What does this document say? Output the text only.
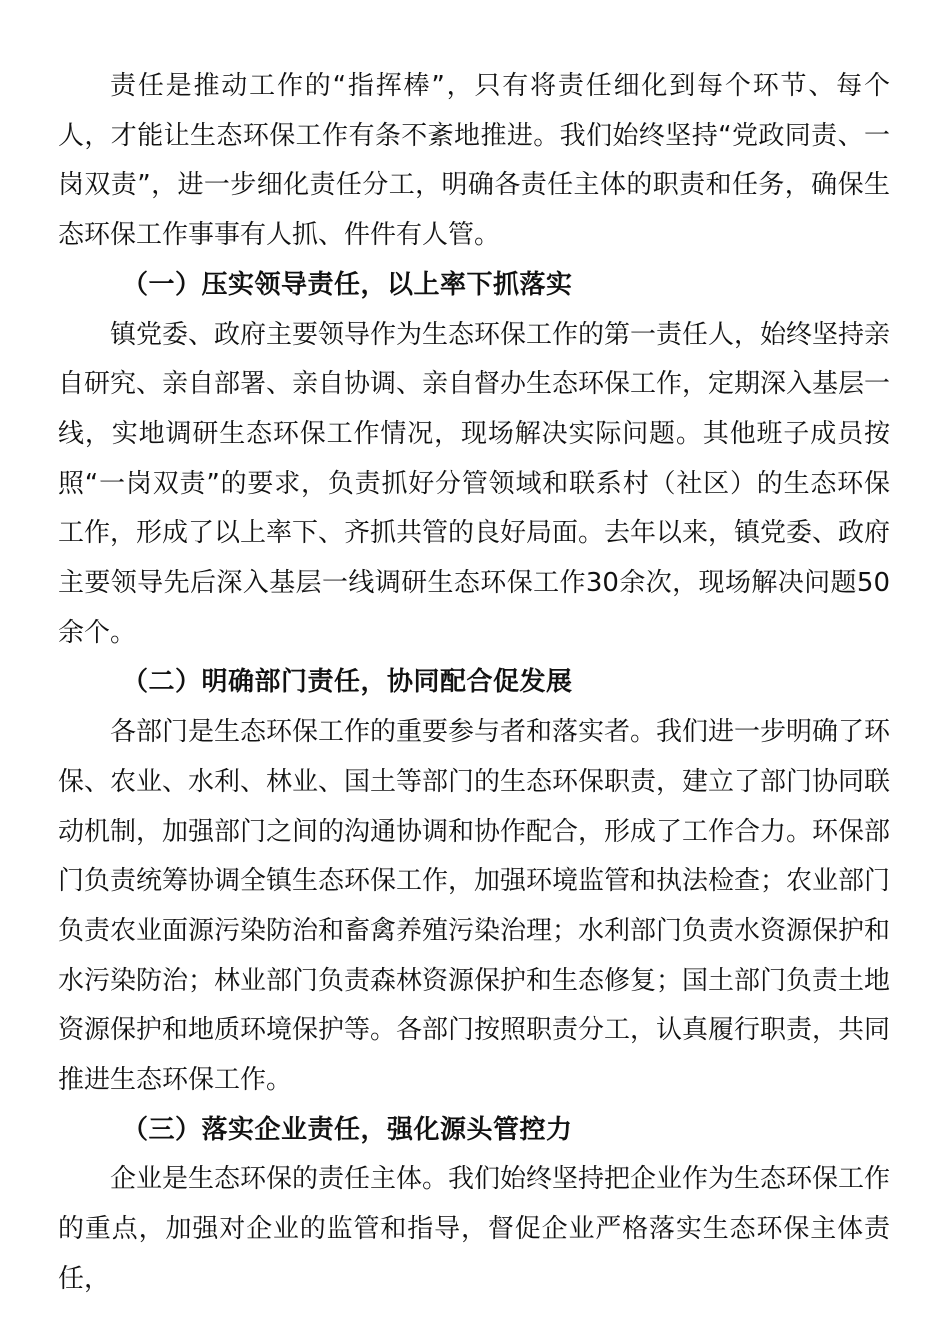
责任是推动工作的“指挥棒”，只有将责任细化到每个环节、每个人，才能让生态环保工作有条不紊地推进。我们始终坚持“党政同责、一岗双责”，进一步细化责任分工，明确各责任主体的职责和任务，确保生态环保工作事事有人抓、件件有人管。

（一）压实领导责任，以上率下抓落实

镇党委、政府主要领导作为生态环保工作的第一责任人，始终坚持亲自研究、亲自部署、亲自协调、亲自督办生态环保工作，定期深入基层一线，实地调研生态环保工作情况，现场解决实际问题。其他班子成员按照“一岗双责”的要求，负责抓好分管领域和联系村（社区）的生态环保工作，形成了以上率下、齐抓共管的良好局面。去年以来，镇党委、政府主要领导先后深入基层一线调研生态环保工作30余次，现场解决问题50余个。

（二）明确部门责任，协同配合促发展

各部门是生态环保工作的重要参与者和落实者。我们进一步明确了环保、农业、水利、林业、国土等部门的生态环保职责，建立了部门协同联动机制，加强部门之间的沟通协调和协作配合，形成了工作合力。环保部门负责统筹协调全镇生态环保工作，加强环境监管和执法检查；农业部门负责农业面源污染防治和畜禽养殖污染治理；水利部门负责水资源保护和水污染防治；林业部门负责森林资源保护和生态修复；国土部门负责土地资源保护和地质环境保护等。各部门按照职责分工，认真履行职责，共同推进生态环保工作。

（三）落实企业责任，强化源头管控力

企业是生态环保的责任主体。我们始终坚持把企业作为生态环保工作的重点，加强对企业的监管和指导，督促企业严格落实生态环保主体责任，
